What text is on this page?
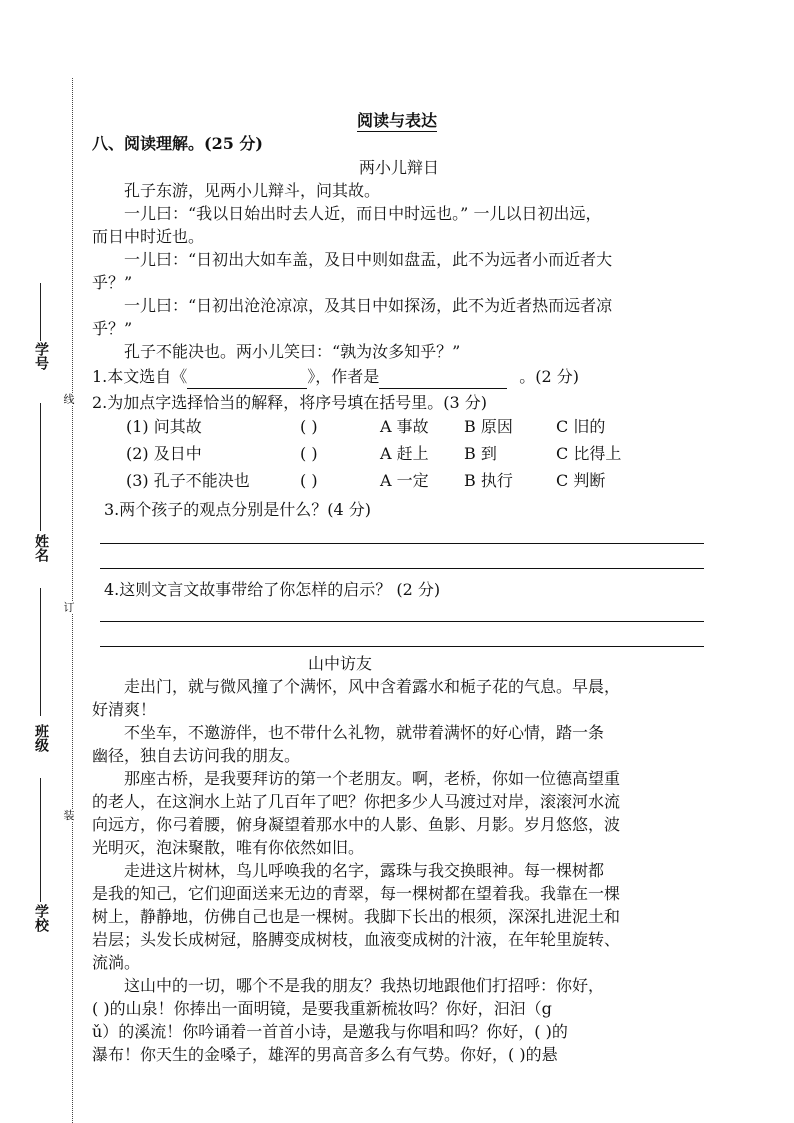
学号
姓名
班级
学校
线
订
装
阅读与表达
八、阅读理解。(25 分)
两小儿辩日
孔子东游，见两小儿辩斗，问其故。
一儿曰：“我以日始出时去人近，而日中时远也。” 一儿以日初出远，
而日中时近也。
一儿曰：“日初出大如车盖，及日中则如盘盂，此不为远者小而近者大
乎？”
一儿曰：“日初出沧沧凉凉，及其日中如探汤，此不为近者热而远者凉
乎？”
孔子不能决也。两小儿笑曰：“孰为汝多知乎？”
1.本文选自《	》，作者是	。(2 分)
2.为加点字选择恰当的解释，将序号填在括号里。(3 分)
(1) 问其故	( )	A 事故 B 原因	C 旧的
(2) 及日中	( )	A 赶上 B 到	C 比得上
(3) 孔子不能决也	( )	A 一定 B 执行	C 判断
3.两个孩子的观点分别是什么？(4 分)
4.这则文言文故事带给了你怎样的启示？ (2 分)
山中访友
走出门，就与微风撞了个满怀，风中含着露水和栀子花的气息。早晨，
好清爽！
不坐车，不邀游伴，也不带什么礼物，就带着满怀的好心情，踏一条
幽径，独自去访问我的朋友。
那座古桥，是我要拜访的第一个老朋友。啊，老桥，你如一位德高望重
的老人，在这涧水上站了几百年了吧？你把多少人马渡过对岸，滚滚河水流
向远方，你弓着腰，俯身凝望着那水中的人影、鱼影、月影。岁月悠悠，波
光明灭，泡沫聚散，唯有你依然如旧。
走进这片树林，鸟儿呼唤我的名字，露珠与我交换眼神。每一棵树都
是我的知己，它们迎面送来无边的青翠，每一棵树都在望着我。我靠在一棵
树上，静静地，仿佛自己也是一棵树。我脚下长出的根须，深深扎进泥土和
岩层；头发长成树冠，胳膊变成树枝，血液变成树的汁液，在年轮里旋转、
流淌。
这山中的一切，哪个不是我的朋友？我热切地跟他们打招呼：你好，
( )的山泉！你捧出一面明镜，是要我重新梳妆吗？你好，汩汩（g
ǔ）的溪流！你吟诵着一首首小诗，是邀我与你唱和吗？你好，( )的
瀑布！你天生的金嗓子，雄浑的男高音多么有气势。你好，( )的悬
